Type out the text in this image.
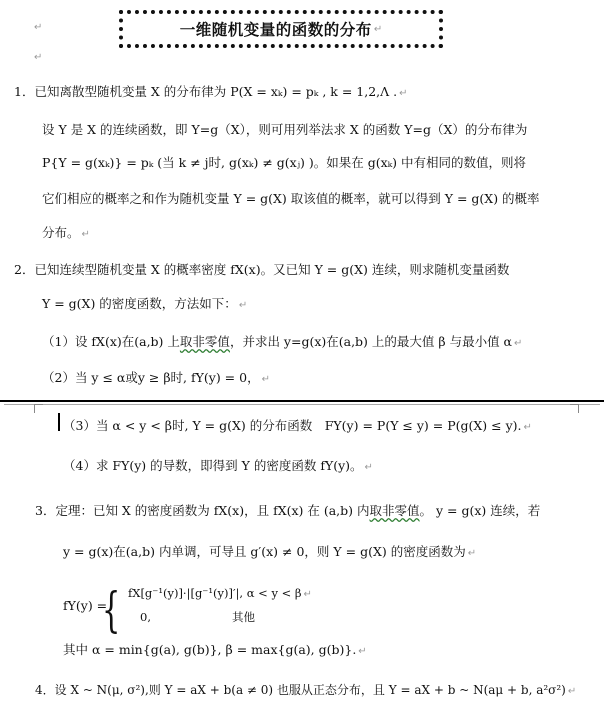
↵
↵
一维随机变量的函数的分布 ↵
1．已知离散型随机变量 X 的分布律为 P(X = xₖ) = pₖ , k = 1,2,Λ . ↵
设 Y 是 X 的连续函数，即 Y=g（X），则可用列举法求 X 的函数 Y=g（X）的分布律为
P{Y = g(xₖ)} = pₖ (当 k ≠ j时, g(xₖ) ≠ g(xⱼ) )。如果在 g(xₖ) 中有相同的数值，则将
它们相应的概率之和作为随机变量 Y = g(X) 取该值的概率，就可以得到 Y = g(X) 的概率
分布。 ↵
2．已知连续型随机变量 X 的概率密度 fX(x)。又已知 Y = g(X) 连续，则求随机变量函数
Y = g(X) 的密度函数，方法如下： ↵
（1）设 fX(x)在(a,b) 上取非零值，并求出 y=g(x)在(a,b) 上的最大值 β 与最小值 α ↵
（2）当 y ≤ α或y ≥ β时, fY(y) = 0， ↵
（3）当 α < y < β时, Y = g(X) 的分布函数　FY(y) = P(Y ≤ y) = P(g(X) ≤ y). ↵
（4）求 FY(y) 的导数，即得到 Y 的密度函数 fY(y)。 ↵
3．定理：已知 X 的密度函数为 fX(x)，且 fX(x) 在 (a,b) 内取非零值。 y = g(x) 连续，若
y = g(x)在(a,b) 内单调，可导且 g′(x) ≠ 0，则 Y = g(X) 的密度函数为 ↵
fY(y) =
{ fX[g⁻¹(y)]·|[g⁻¹(y)]′|, α < y < β ↵
0,	其他
其中 α = min{g(a), g(b)}, β = max{g(a), g(b)}. ↵
4．设 X ~ N(μ, σ²),则 Y = aX + b(a ≠ 0) 也服从正态分布，且 Y = aX + b ~ N(aμ + b, a²σ²) ↵
